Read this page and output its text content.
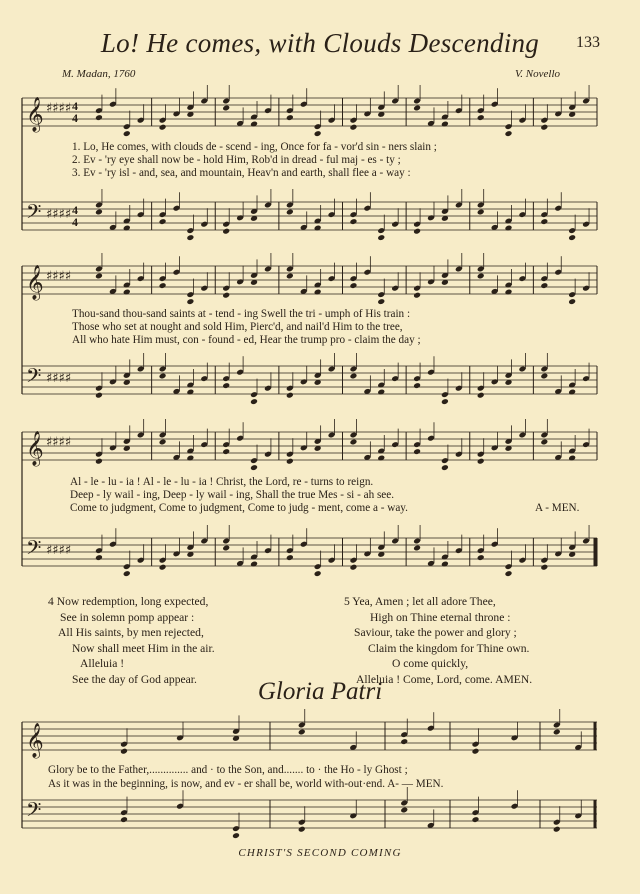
Lo! He comes, with Clouds Descending	133
M. Madan, 1760	V. Novello
𝄞
𝄢
♯♯♯♯
♯♯♯♯
𝄞
𝄢
♯♯♯♯
♯♯♯♯
𝄞
𝄢
♯♯♯♯
♯♯♯♯
4
4
4
4
𝄞
𝄢
1. Lo, He comes, with clouds de - scend - ing, Once for fa - vor'd sin - ners slain ;
2. Ev - 'ry eye shall now be - hold Him, Rob'd in dread - ful maj - es - ty ;
3. Ev - 'ry isl - and, sea, and mountain, Heav'n and earth, shall flee a - way :
Thou-sand thou-sand saints at - tend - ing Swell the tri - umph of His train :
Those who set at nought and sold Him, Pierc'd, and nail'd Him to the tree,
All who hate Him must, con - found - ed, Hear the trump pro - claim the day ;
Al - le - lu - ia ! Al - le - lu - ia ! Christ, the Lord, re - turns to reign.
Deep - ly wail - ing, Deep - ly wail - ing, Shall the true Mes - si - ah see.
Come to judgment, Come to judgment, Come to judg - ment, come a - way.	A - MEN.
4 Now redemption, long expected,
See in solemn pomp appear :
All His saints, by men rejected,
Now shall meet Him in the air.
Alleluia !
See the day of God appear.
5 Yea, Amen ; let all adore Thee,
High on Thine eternal throne :
Saviour, take the power and glory ;
Claim the kingdom for Thine own.
O come quickly,
Alleluia ! Come, Lord, come. AMEN.
Gloria Patri
Glory be to the Father,.............. and · to the Son, and....... to · the Ho - ly Ghost ;
As it was in the beginning, is now, and ev - er shall be, world with-out·end. A- — MEN.
CHRIST'S SECOND COMING
